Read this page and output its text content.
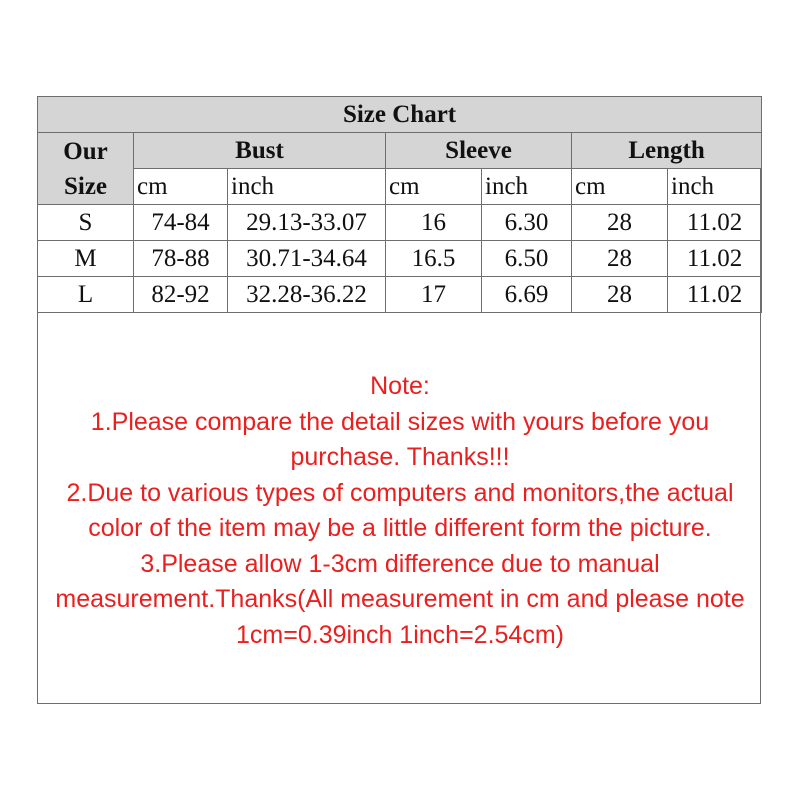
Size Chart						
Our Size	Bust		Sleeve		Length	
	cm	inch	cm	inch	cm	inch
S	74-84	29.13-33.07	16	6.30	28	11.02
M	78-88	30.71-34.64	16.5	6.50	28	11.02
L	82-92	32.28-36.22	17	6.69	28	11.02
Note:
1.Please compare the detail sizes with yours before you
purchase. Thanks!!!
2.Due to various types of computers and monitors,the actual
color of the item may be a little different form the picture.
3.Please allow 1-3cm difference due to manual
measurement.Thanks(All measurement in cm and please note
1cm=0.39inch 1inch=2.54cm)
